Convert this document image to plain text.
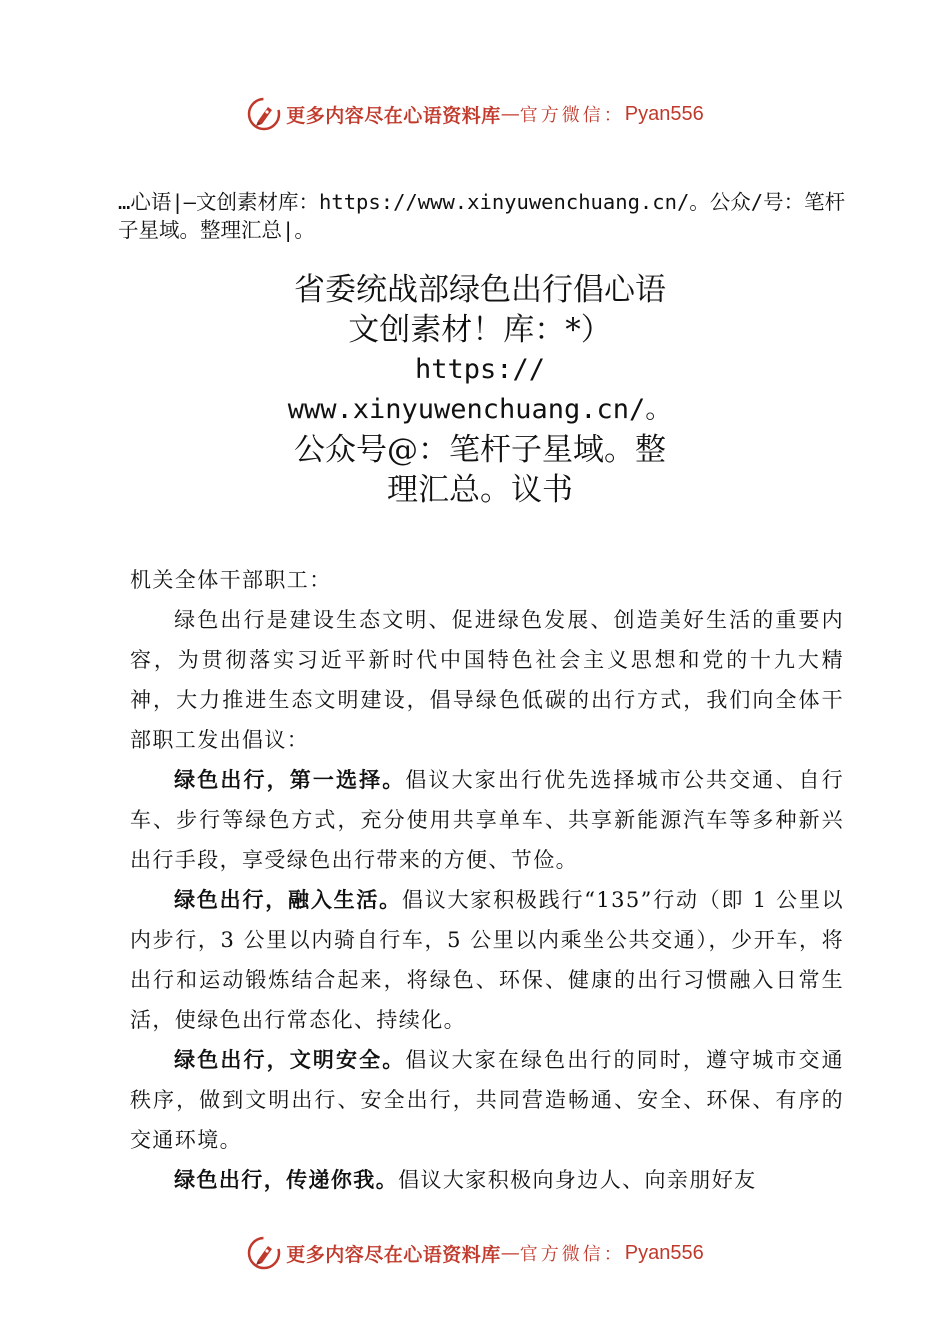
更多内容尽在心语资料库 — 官方微信： Pyan556
…心语|—文创素材库：https://www.xinyuwenchuang.cn/。公众/号：笔杆子星域。整理汇总|。
省委统战部绿色出行倡心语
文创素材！库：*）
https://
www.xinyuwenchuang.cn/。
公众号@：笔杆子星域。整
理汇总。议书

机关全体干部职工：

绿色出行是建设生态文明、促进绿色发展、创造美好生活的重要内容，为贯彻落实习近平新时代中国特色社会主义思想和党的十九大精神，大力推进生态文明建设，倡导绿色低碳的出行方式，我们向全体干部职工发出倡议：

绿色出行，第一选择。倡议大家出行优先选择城市公共交通、自行车、步行等绿色方式，充分使用共享单车、共享新能源汽车等多种新兴出行手段，享受绿色出行带来的方便、节俭。

绿色出行，融入生活。倡议大家积极践行“135”行动（即 1 公里以内步行，3 公里以内骑自行车，5 公里以内乘坐公共交通），少开车，将出行和运动锻炼结合起来，将绿色、环保、健康的出行习惯融入日常生活，使绿色出行常态化、持续化。

绿色出行，文明安全。倡议大家在绿色出行的同时，遵守城市交通秩序，做到文明出行、安全出行，共同营造畅通、安全、环保、有序的交通环境。

绿色出行，传递你我。倡议大家积极向身边人、向亲朋好友

更多内容尽在心语资料库 — 官方微信： Pyan556
